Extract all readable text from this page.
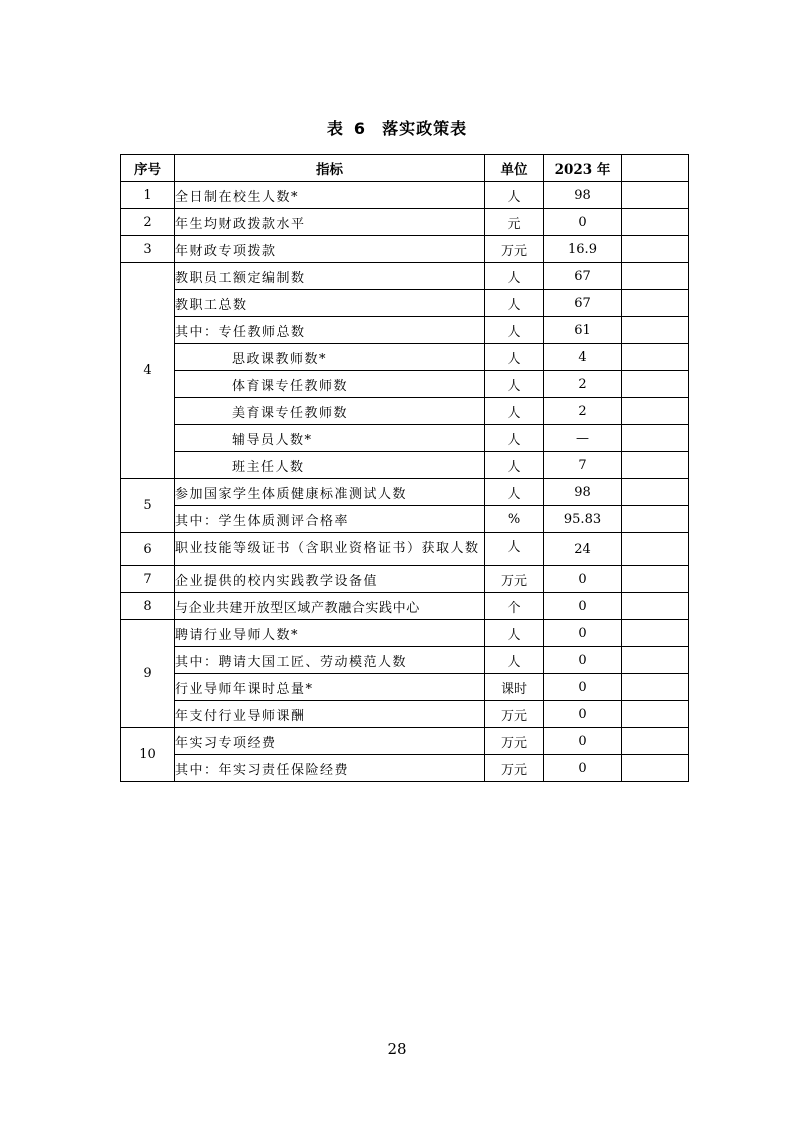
表 6 落实政策表
序号	指标	单位	2023 年	
1	全日制在校生人数*	人	98	
2	年生均财政拨款水平	元	0	
3	年财政专项拨款	万元	16.9	
4	教职员工额定编制数	人	67	
	教职工总数	人	67	
	其中：专任教师总数	人	61	
	思政课教师数*	人	4	
	体育课专任教师数	人	2	
	美育课专任教师数	人	2	
	辅导员人数*	人	—	
	班主任人数	人	7	
5	参加国家学生体质健康标准测试人数	人	98	
	其中：学生体质测评合格率	%	95.83	
6	职业技能等级证书（含职业资格证书）获取人数	人	24	
7	企业提供的校内实践教学设备值	万元	0	
8	与企业共建开放型区域产教融合实践中心	个	0	
9	聘请行业导师人数*	人	0	
	其中：聘请大国工匠、劳动模范人数	人	0	
	行业导师年课时总量*	课时	0	
	年支付行业导师课酬	万元	0	
10	年实习专项经费	万元	0	
	其中：年实习责任保险经费	万元	0	
28
